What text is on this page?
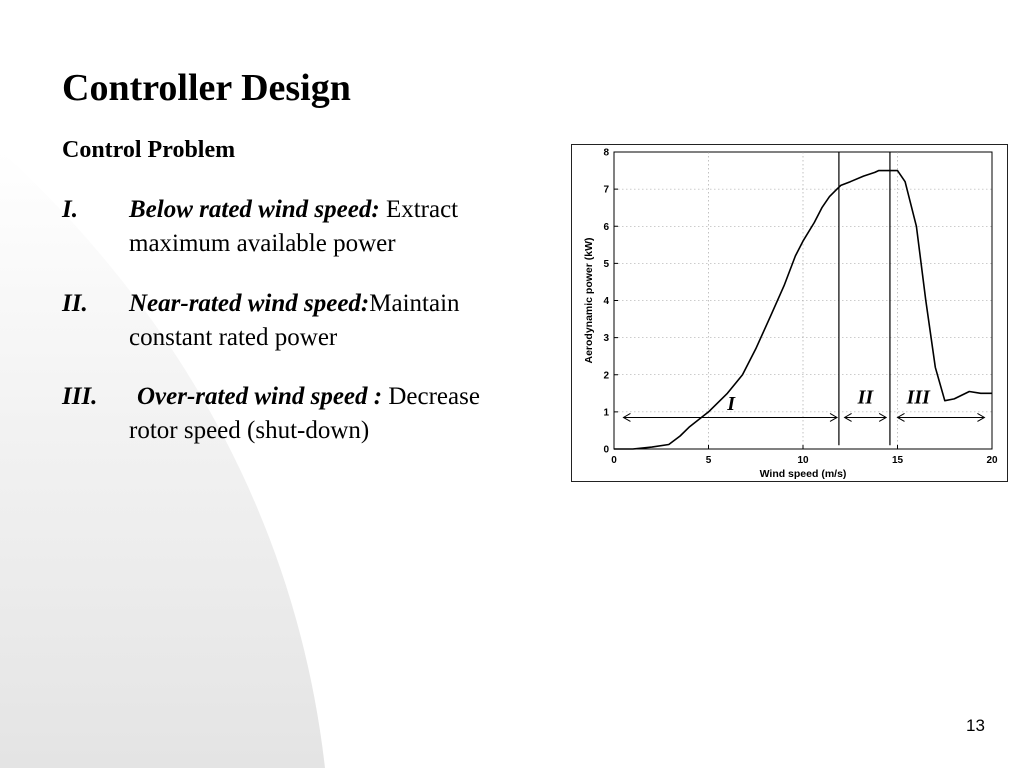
Controller Design
Control Problem
I. Below rated wind speed: Extract
maximum available power
II. Near-rated wind speed:Maintain
constant rated power
III. Over-rated wind speed : Decrease
rotor speed (shut-down)
0	5	10	15	20
0
1
2
3
4
5
6
7
8
Wind speed (m/s)
Aerodynamic power (kW)
I	II III
13
